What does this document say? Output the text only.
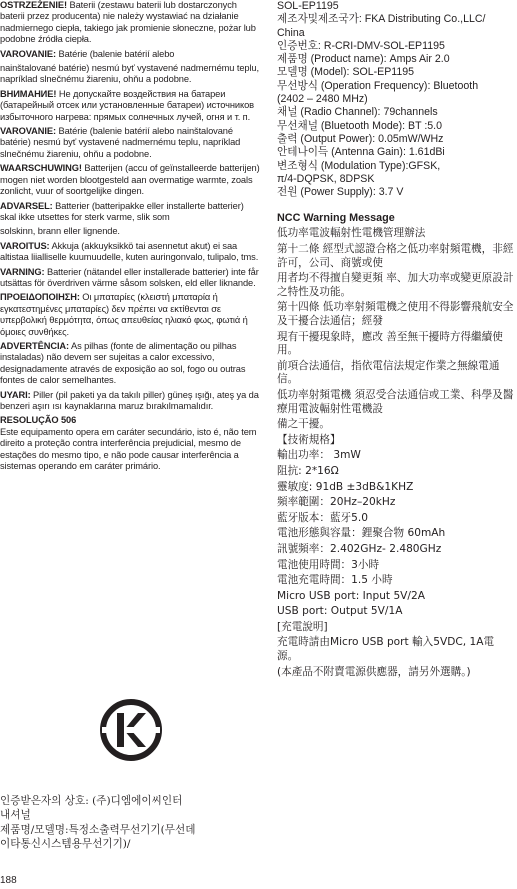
OSTRZEŻENIE! Baterii (zestawu baterii lub dostarczonych baterii przez producenta) nie należy wystawiać na działanie nadmiernego ciepła, takiego jak promienie słoneczne, pożar lub podobne źródła ciepła.

VAROVANIE: Batérie (balenie batérií alebo

nainštalované batérie) nesmú byť vystavené nadmernému teplu, napríklad slnečnému žiareniu, ohňu a podobne.

ВНИМАНИЕ! Не допускайте воздействия на батареи (батарейный отсек или установленные батареи) источников избыточного нагрева: прямых солнечных лучей, огня и т. п.

VAROVANIE: Batérie (balenie batérií alebo nainštalované batérie) nesmú byť vystavené nadmernému teplu, napríklad slnečnému žiareniu, ohňu a podobne.

WAARSCHUWING! Batterijen (accu of geïnstalleerde batterijen) mogen niet worden blootgesteld aan overmatige warmte, zoals zonlicht, vuur of soortgelijke dingen.

ADVARSEL: Batterier (batteripakke eller installerte batterier) skal ikke utsettes for sterk varme, slik som

solskinn, brann eller lignende.

VAROITUS: Akkuja (akkuyksikkö tai asennetut akut) ei saa altistaa liialliselle kuumuudelle, kuten auringonvalo, tulipalo, tms.

VARNING: Batterier (nätandel eller installerade batterier) inte får utsättas för överdriven värme såsom solsken, eld eller liknande.

ΠΡΟΕΙΔΟΠΟΙΗΣΗ: Οι μπαταρίες (κλειστή μπαταρία ή εγκατεστημένες μπαταρίες) δεν πρέπει να εκτίθενται σε υπερβολική θερμότητα, όπως απευθείας ηλιακό φως, φωτιά ή όμοιες συνθήκες.

ADVERTÊNCIA: As pilhas (fonte de alimentação ou pilhas instaladas) não devem ser sujeitas a calor excessivo, designadamente através de exposição ao sol, fogo ou outras fontes de calor semelhantes.

UYARI: Piller (pil paketi ya da takılı piller) güneş ışığı, ateş ya da benzeri aşırı ısı kaynaklarına maruz bırakılmamalıdır.

RESOLUÇÃO 506
Este equipamento opera em caráter secundário, isto é, não tem direito a proteção contra interferência prejudicial, mesmo de estações do mesmo tipo, e não pode causar interferência a sistemas operando em caráter primário.

인증받은자의 상호: (주)디엠에이씨인터
내셔널
제품명/모델명:특정소출력무선기기(무선데
이타통신시스템용무선기기)/
188
SOL-EP1195
제조자및제조국가: FKA Distributing Co.,LLC/
China
인증번호: R-CRI-DMV-SOL-EP1195
제품명 (Product name): Amps Air 2.0
모델명 (Model): SOL-EP1195
무선방식 (Operation Frequency): Bluetooth
(2402 – 2480 MHz)
채널 (Radio Channel): 79channels
무선채널 (Bluetooth Mode): BT :5.0
출력 (Output Power): 0.05mW/WHz
안테나이득 (Antenna Gain): 1.61dBi
변조형식 (Modulation Type):GFSK,
π/4-DQPSK, 8DPSK
전원 (Power Supply): 3.7 V
NCC Warning Message
低功率電波輻射性電機管理辦法
第十二條 經型式認證合格之低功率射頻電機，非經許可，公司、商號或使
用者均不得擅自變更頻 率、加大功率或變更原設計之特性及功能。
第十四條 低功率射頻電機之使用不得影響飛航安全及干擾合法通信；經發
現有干擾現象時，應改 善至無干擾時方得繼續使用。
前項合法通信，指依電信法規定作業之無線電通信。
低功率射頻電機 須忍受合法通信或工業、科學及醫療用電波輻射性電機設
備之干擾。
【技術規格】
輸出功率： 3mW
阻抗: 2*16Ω
靈敏度: 91dB ±3dB&1KHZ
頻率範圍：20Hz–20kHz
藍牙版本：藍牙5.0
電池形態與容量：鋰聚合物 60mAh
訊號頻率：2.402GHz- 2.480GHz
電池使用時間：3小時
電池充電時間：1.5 小時
Micro USB port: Input 5V/2A
USB port: Output 5V/1A
[充電說明]
充電時請由Micro USB port 輸入5VDC, 1A電源。
(本產品不附賣電源供應器，請另外選購。)
